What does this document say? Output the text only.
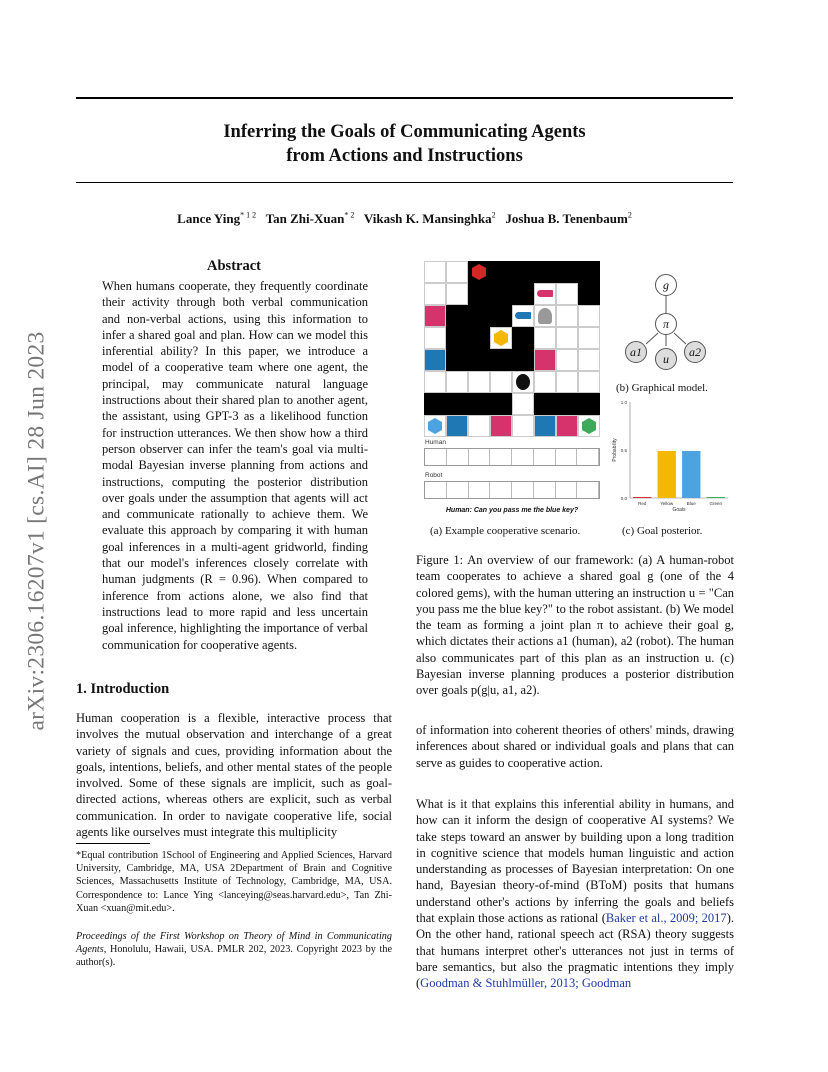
Inferring the Goals of Communicating Agents
from Actions and Instructions
Lance Ying$^{* 1 2}$ Tan Zhi-Xuan$^{* 2}$ Vikash K. Mansinghka$^2$ Joshua B. Tenenbaum$^2$
arXiv:2306.16207v1 [cs.AI] 28 Jun 2023
Abstract
When humans cooperate, they frequently coordinate their activity through both verbal communication and non-verbal actions, using this information to infer a shared goal and plan. How can we model this inferential ability? In this paper, we introduce a model of a cooperative team where one agent, the principal, may communicate natural language instructions about their shared plan to another agent, the assistant, using GPT-3 as a likelihood function for instruction utterances. We then show how a third person observer can infer the team's goal via multi-modal Bayesian inverse planning from actions and instructions, computing the posterior distribution over goals under the assumption that agents will act and communicate rationally to achieve them. We evaluate this approach by comparing it with human goal inferences in a multi-agent gridworld, finding that our model's inferences closely correlate with human judgments (R = 0.96). When compared to inference from actions alone, we also find that instructions lead to more rapid and less uncertain goal inference, highlighting the importance of verbal communication for cooperative agents.
1. Introduction
Human cooperation is a flexible, interactive process that involves the mutual observation and interchange of a great variety of signals and cues, providing information about the goals, intentions, beliefs, and other mental states of the people involved. Some of these signals are implicit, such as goal-directed actions, whereas others are explicit, such as verbal communication. In order to navigate cooperative life, social agents like ourselves must integrate this multiplicity
*Equal contribution 1School of Engineering and Applied Sciences, Harvard University, Cambridge, MA, USA 2Department of Brain and Cognitive Sciences, Massachusetts Institute of Technology, Cambridge, MA, USA. Correspondence to: Lance Ying <lanceying@seas.harvard.edu>, Tan Zhi-Xuan <xuan@mit.edu>.
Proceedings of the First Workshop on Theory of Mind in Communicating Agents, Honolulu, Hawaii, USA. PMLR 202, 2023. Copyright 2023 by the author(s).
Human
Robot
Human: Can you pass me the blue key?
(a) Example cooperative scenario.
g
π
a1	u	a2
(b) Graphical model.
0.0
0.5
1.0
Red	Yellow	Blue	Green
Goals
Probability
(c) Goal posterior.
Figure 1: An overview of our framework: (a) A human-robot team cooperates to achieve a shared goal g (one of the 4 colored gems), with the human uttering an instruction u = "Can you pass me the blue key?" to the robot assistant. (b) We model the team as forming a joint plan π to achieve their goal g, which dictates their actions a1 (human), a2 (robot). The human also communicates part of this plan as an instruction u. (c) Bayesian inverse planning produces a posterior distribution over goals p(g|u, a1, a2).
of information into coherent theories of others' minds, drawing inferences about shared or individual goals and plans that can serve as guides to cooperative action.
What is it that explains this inferential ability in humans, and how can it inform the design of cooperative AI systems? We take steps toward an answer by building upon a long tradition in cognitive science that models human linguistic and action understanding as processes of Bayesian interpretation: On one hand, Bayesian theory-of-mind (BToM) posits that humans understand other's actions by inferring the goals and beliefs that explain those actions as rational (Baker et al., 2009; 2017). On the other hand, rational speech act (RSA) theory suggests that humans interpret other's utterances not just in terms of bare semantics, but also the pragmatic intentions they imply (Goodman & Stuhlmüller, 2013; Goodman
